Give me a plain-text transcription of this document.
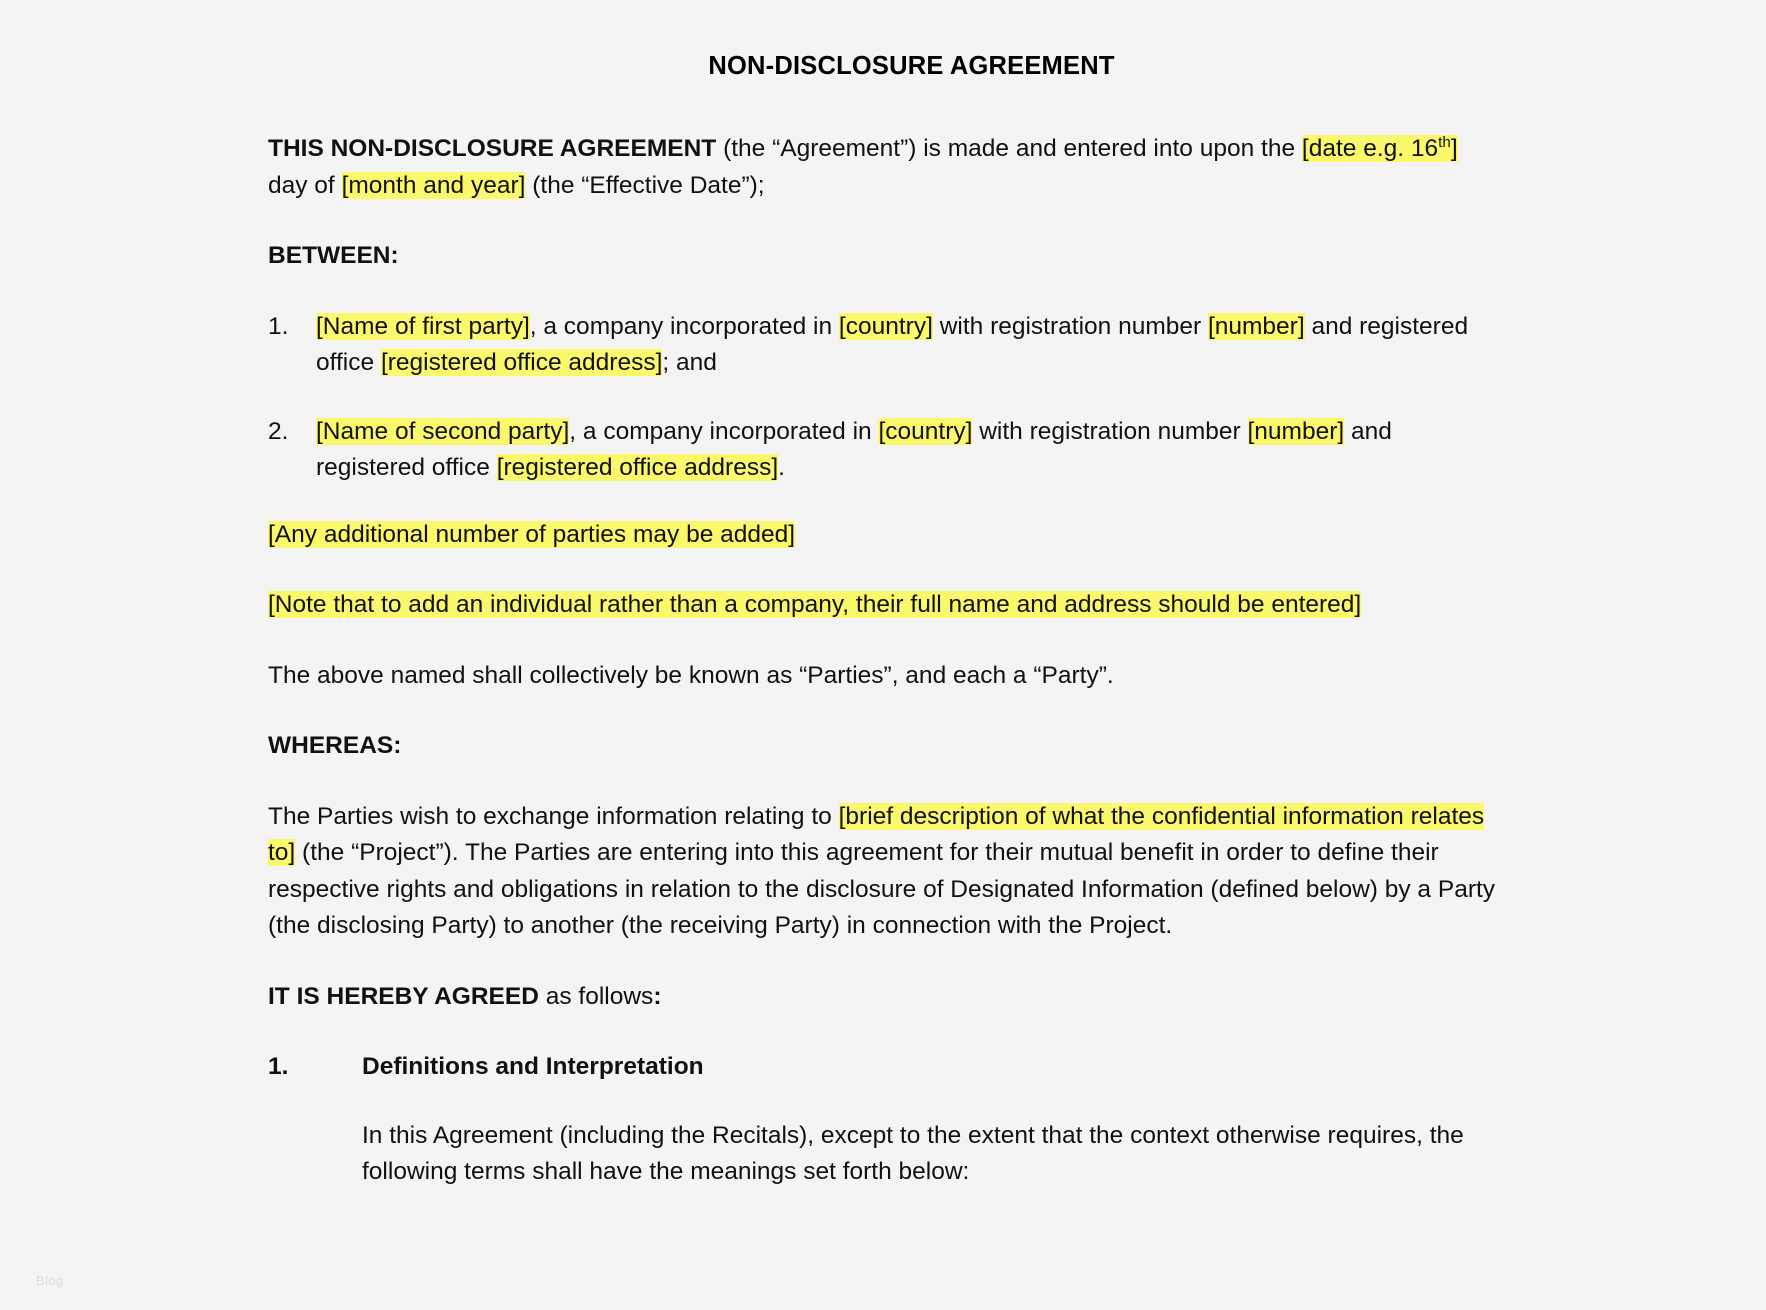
NON-DISCLOSURE AGREEMENT

THIS NON-DISCLOSURE AGREEMENT (the “Agreement”) is made and entered into upon the [date e.g. 16th] day of [month and year] (the “Effective Date”);

BETWEEN:

1.	[Name of first party], a company incorporated in [country] with registration number [number] and registered office [registered office address]; and
2.	[Name of second party], a company incorporated in [country] with registration number [number] and registered office [registered office address].

[Any additional number of parties may be added]

[Note that to add an individual rather than a company, their full name and address should be entered]

The above named shall collectively be known as “Parties”, and each a “Party”.

WHEREAS:

The Parties wish to exchange information relating to [brief description of what the confidential information relates to] (the “Project”). The Parties are entering into this agreement for their mutual benefit in order to define their respective rights and obligations in relation to the disclosure of Designated Information (defined below) by a Party (the disclosing Party) to another (the receiving Party) in connection with the Project.

IT IS HEREBY AGREED as follows:

1.	Definitions and Interpretation
In this Agreement (including the Recitals), except to the extent that the context otherwise requires, the following terms shall have the meanings set forth below:
Blog
